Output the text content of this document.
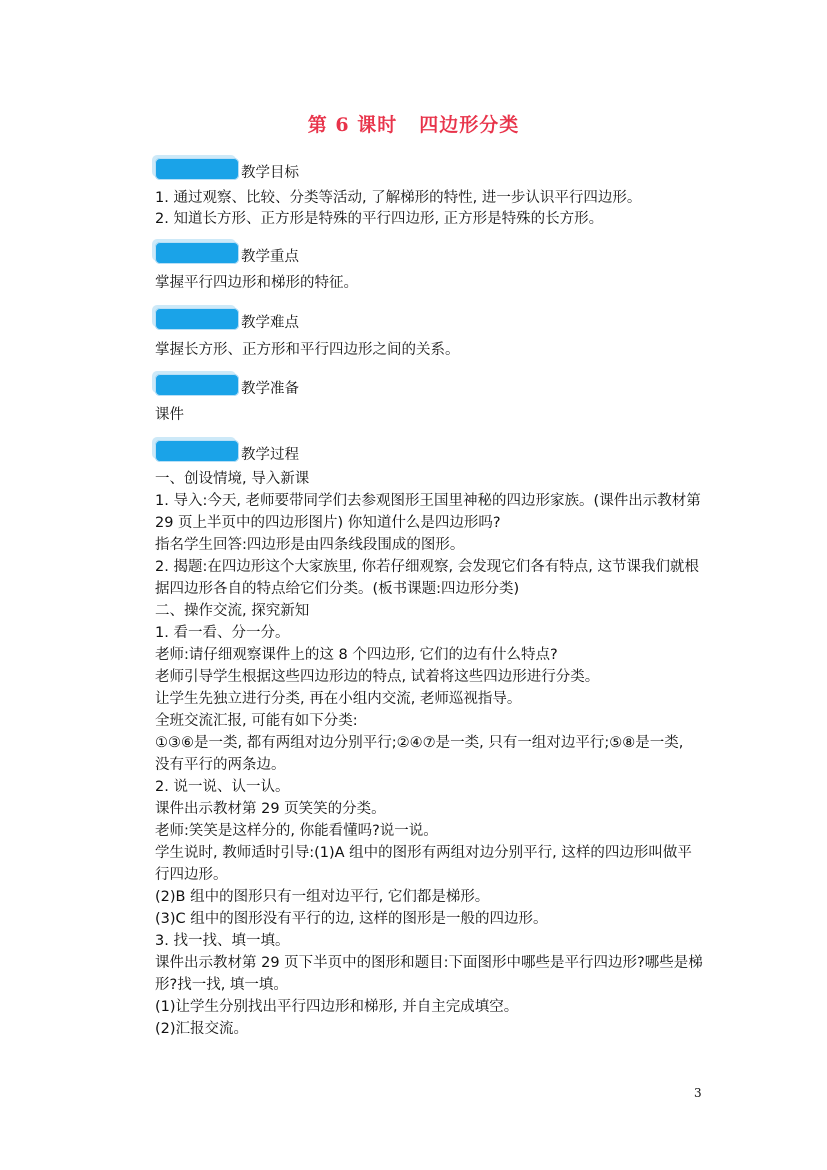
第 6 课时 四边形分类
教学目标
1. 通过观察、比较、分类等活动, 了解梯形的特性, 进一步认识平行四边形。
2. 知道长方形、正方形是特殊的平行四边形, 正方形是特殊的长方形。
教学重点
掌握平行四边形和梯形的特征。
教学难点
掌握长方形、正方形和平行四边形之间的关系。
教学准备
课件
教学过程
一、创设情境, 导入新课
1. 导入:今天, 老师要带同学们去参观图形王国里神秘的四边形家族。(课件出示教材第
29 页上半页中的四边形图片) 你知道什么是四边形吗?
指名学生回答:四边形是由四条线段围成的图形。
2. 揭题:在四边形这个大家族里, 你若仔细观察, 会发现它们各有特点, 这节课我们就根
据四边形各自的特点给它们分类。(板书课题:四边形分类)
二、操作交流, 探究新知
1. 看一看、分一分。
老师:请仔细观察课件上的这 8 个四边形, 它们的边有什么特点?
老师引导学生根据这些四边形边的特点, 试着将这些四边形进行分类。
让学生先独立进行分类, 再在小组内交流, 老师巡视指导。
全班交流汇报, 可能有如下分类:
①③⑥是一类, 都有两组对边分别平行;②④⑦是一类, 只有一组对边平行;⑤⑧是一类,
没有平行的两条边。
2. 说一说、认一认。
课件出示教材第 29 页笑笑的分类。
老师:笑笑是这样分的, 你能看懂吗?说一说。
学生说时, 教师适时引导:(1)A 组中的图形有两组对边分别平行, 这样的四边形叫做平
行四边形。
(2)B 组中的图形只有一组对边平行, 它们都是梯形。
(3)C 组中的图形没有平行的边, 这样的图形是一般的四边形。
3. 找一找、填一填。
课件出示教材第 29 页下半页中的图形和题目:下面图形中哪些是平行四边形?哪些是梯
形?找一找, 填一填。
(1)让学生分别找出平行四边形和梯形, 并自主完成填空。
(2)汇报交流。
3
